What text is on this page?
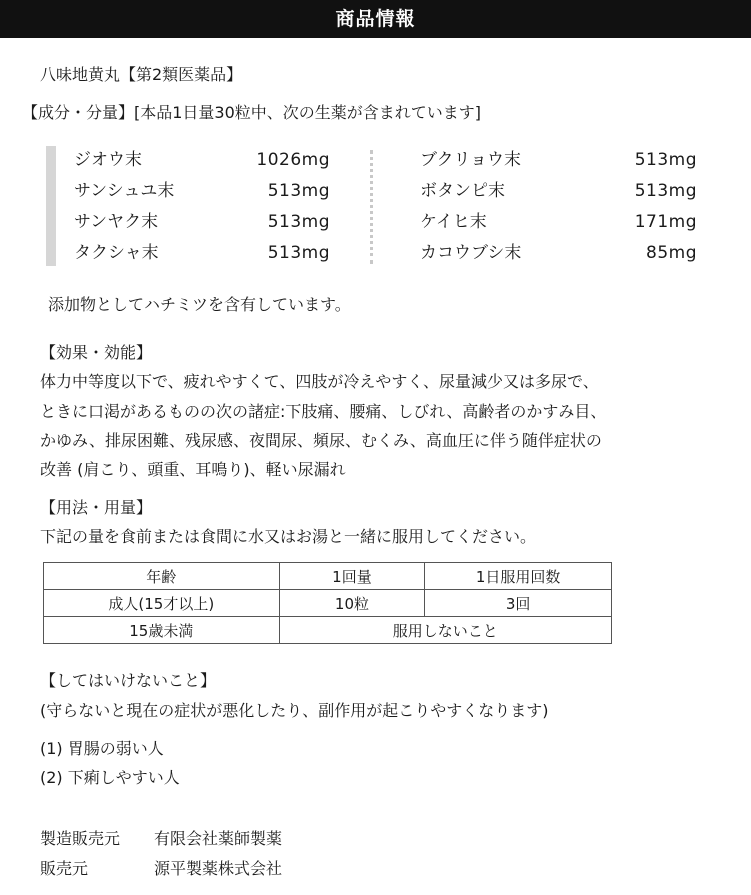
商品情報
八味地黄丸【第2類医薬品】
【成分・分量】[本品1日量30粒中、次の生薬が含まれています]
ジオウ末	1026mg
サンシュユ末	513mg
サンヤク末	513mg
タクシャ末	513mg
ブクリョウ末	513mg
ボタンピ末	513mg
ケイヒ末	171mg
カコウブシ末	85mg
添加物としてハチミツを含有しています。
【効果・効能】
体力中等度以下で、疲れやすくて、四肢が冷えやすく、尿量減少又は多尿で、
ときに口渇があるものの次の諸症:下肢痛、腰痛、しびれ、高齢者のかすみ目、
かゆみ、排尿困難、残尿感、夜間尿、頻尿、むくみ、高血圧に伴う随伴症状の
改善 (肩こり、頭重、耳鳴り)、軽い尿漏れ
【用法・用量】
下記の量を食前または食間に水又はお湯と一緒に服用してください。
年齢	1回量	1日服用回数
成人(15才以上)	10粒	3回
15歳未満	服用しないこと	
【してはいけないこと】
(守らないと現在の症状が悪化したり、副作用が起こりやすくなります)
(1) 胃腸の弱い人
(2) 下痢しやすい人
製造販売元 有限会社薬師製薬
販売元	源平製薬株式会社
